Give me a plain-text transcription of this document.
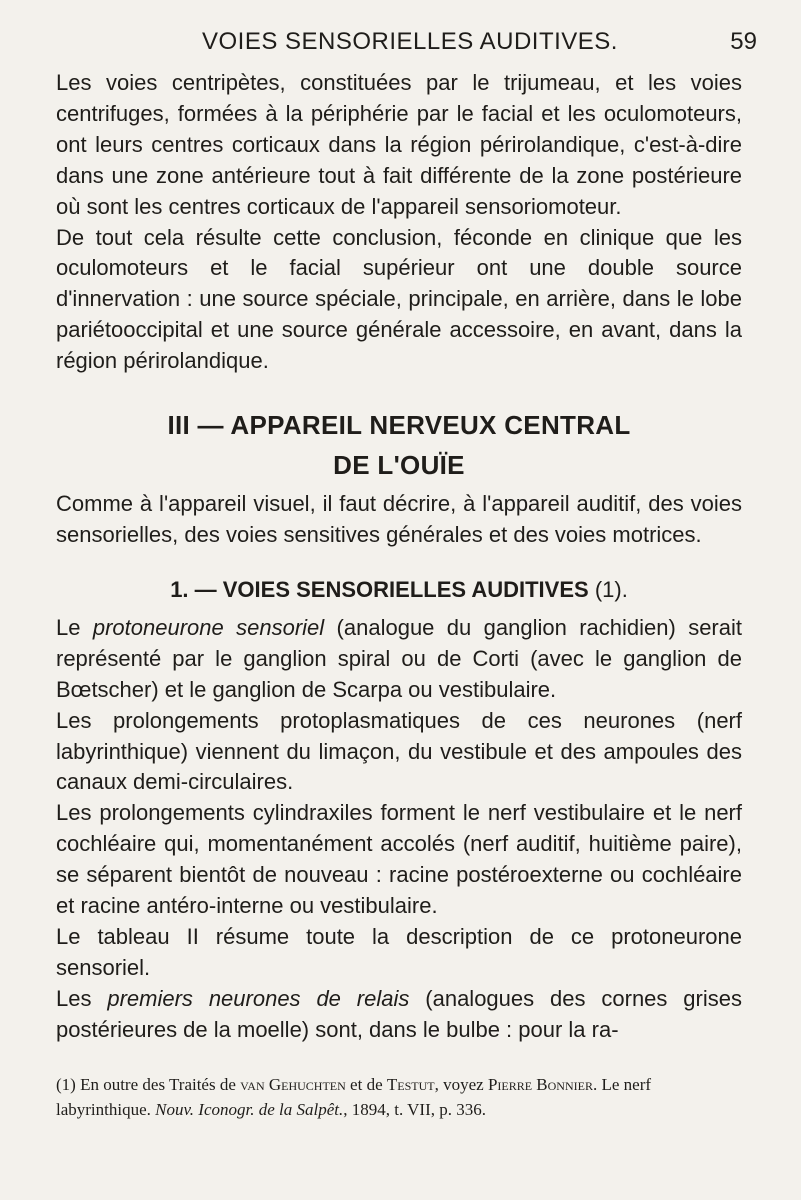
VOIES SENSORIELLES AUDITIVES.	59

Les voies centripètes, constituées par le trijumeau, et les voies centrifuges, formées à la périphérie par le facial et les oculomoteurs, ont leurs centres corticaux dans la région périrolandique, c'est-à-dire dans une zone antérieure tout à fait différente de la zone postérieure où sont les centres corticaux de l'appareil sensoriomoteur.

De tout cela résulte cette conclusion, féconde en clinique que les oculomoteurs et le facial supérieur ont une double source d'innervation : une source spéciale, principale, en arrière, dans le lobe pariétooccipital et une source générale accessoire, en avant, dans la région périrolandique.

III — APPAREIL NERVEUX CENTRAL
DE L'OUÏE

Comme à l'appareil visuel, il faut décrire, à l'appareil auditif, des voies sensorielles, des voies sensitives générales et des voies motrices.

1. — VOIES SENSORIELLES AUDITIVES (1).

Le protoneurone sensoriel (analogue du ganglion rachidien) serait représenté par le ganglion spiral ou de Corti (avec le ganglion de Bœtscher) et le ganglion de Scarpa ou vestibulaire.

Les prolongements protoplasmatiques de ces neurones (nerf labyrinthique) viennent du limaçon, du vestibule et des ampoules des canaux demi-circulaires.

Les prolongements cylindraxiles forment le nerf vestibulaire et le nerf cochléaire qui, momentanément accolés (nerf auditif, huitième paire), se séparent bientôt de nouveau : racine postéroexterne ou cochléaire et racine antéro-interne ou vestibulaire.

Le tableau II résume toute la description de ce protoneurone sensoriel.

Les premiers neurones de relais (analogues des cornes grises postérieures de la moelle) sont, dans le bulbe : pour la ra-

(1) En outre des Traités de van Gehuchten et de Testut, voyez Pierre Bonnier. Le nerf labyrinthique. Nouv. Iconogr. de la Salpêt., 1894, t. VII, p. 336.
